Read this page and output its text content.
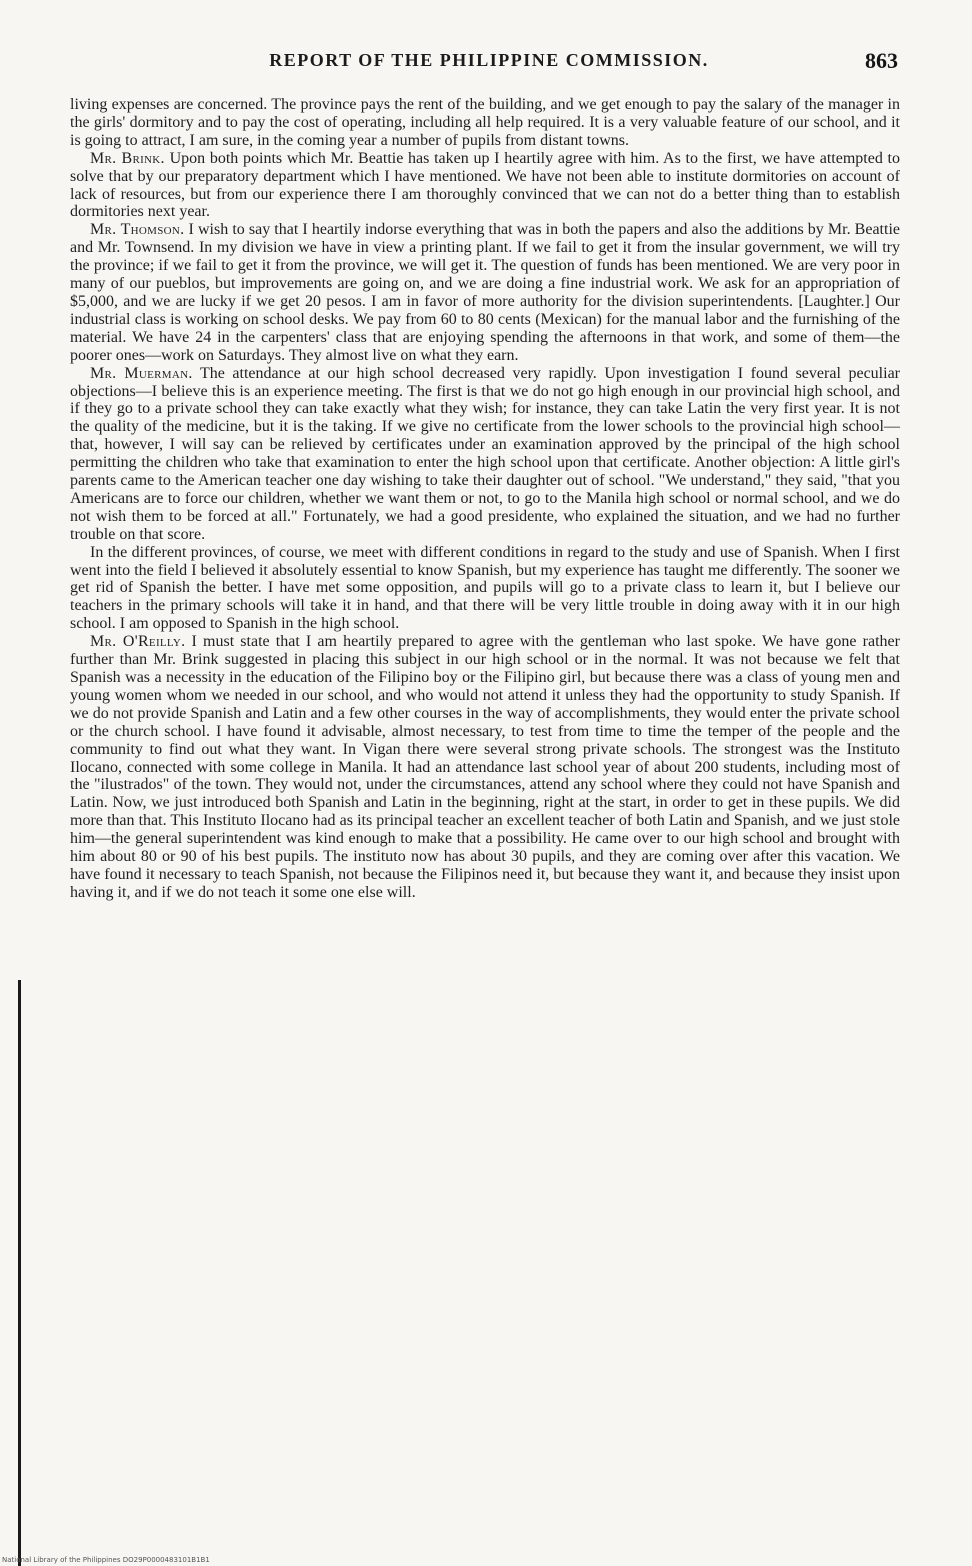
REPORT OF THE PHILIPPINE COMMISSION.	863

living expenses are concerned. The province pays the rent of the building, and we get enough to pay the salary of the manager in the girls' dormitory and to pay the cost of operating, including all help required. It is a very valuable feature of our school, and it is going to attract, I am sure, in the coming year a number of pupils from distant towns.

Mr. Brink. Upon both points which Mr. Beattie has taken up I heartily agree with him. As to the first, we have attempted to solve that by our preparatory department which I have mentioned. We have not been able to institute dormitories on account of lack of resources, but from our experience there I am thoroughly convinced that we can not do a better thing than to establish dormitories next year.

Mr. Thomson. I wish to say that I heartily indorse everything that was in both the papers and also the additions by Mr. Beattie and Mr. Townsend. In my division we have in view a printing plant. If we fail to get it from the insular government, we will try the province; if we fail to get it from the province, we will get it. The question of funds has been mentioned. We are very poor in many of our pueblos, but improvements are going on, and we are doing a fine industrial work. We ask for an appropriation of $5,000, and we are lucky if we get 20 pesos. I am in favor of more authority for the division superintendents. [Laughter.] Our industrial class is working on school desks. We pay from 60 to 80 cents (Mexican) for the manual labor and the furnishing of the material. We have 24 in the carpenters' class that are enjoying spending the afternoons in that work, and some of them—the poorer ones—work on Saturdays. They almost live on what they earn.

Mr. Muerman. The attendance at our high school decreased very rapidly. Upon investigation I found several peculiar objections—I believe this is an experience meeting. The first is that we do not go high enough in our provincial high school, and if they go to a private school they can take exactly what they wish; for instance, they can take Latin the very first year. It is not the quality of the medicine, but it is the taking. If we give no certificate from the lower schools to the provincial high school—that, however, I will say can be relieved by certificates under an examination approved by the principal of the high school permitting the children who take that examination to enter the high school upon that certificate. Another objection: A little girl's parents came to the American teacher one day wishing to take their daughter out of school. "We understand," they said, "that you Americans are to force our children, whether we want them or not, to go to the Manila high school or normal school, and we do not wish them to be forced at all." Fortunately, we had a good presidente, who explained the situation, and we had no further trouble on that score.

In the different provinces, of course, we meet with different conditions in regard to the study and use of Spanish. When I first went into the field I believed it absolutely essential to know Spanish, but my experience has taught me differently. The sooner we get rid of Spanish the better. I have met some opposition, and pupils will go to a private class to learn it, but I believe our teachers in the primary schools will take it in hand, and that there will be very little trouble in doing away with it in our high school. I am opposed to Spanish in the high school.

Mr. O'Reilly. I must state that I am heartily prepared to agree with the gentleman who last spoke. We have gone rather further than Mr. Brink suggested in placing this subject in our high school or in the normal. It was not because we felt that Spanish was a necessity in the education of the Filipino boy or the Filipino girl, but because there was a class of young men and young women whom we needed in our school, and who would not attend it unless they had the opportunity to study Spanish. If we do not provide Spanish and Latin and a few other courses in the way of accomplishments, they would enter the private school or the church school. I have found it advisable, almost necessary, to test from time to time the temper of the people and the community to find out what they want. In Vigan there were several strong private schools. The strongest was the Instituto Ilocano, connected with some college in Manila. It had an attendance last school year of about 200 students, including most of the "ilustrados" of the town. They would not, under the circumstances, attend any school where they could not have Spanish and Latin. Now, we just introduced both Spanish and Latin in the beginning, right at the start, in order to get in these pupils. We did more than that. This Instituto Ilocano had as its principal teacher an excellent teacher of both Latin and Spanish, and we just stole him—the general superintendent was kind enough to make that a possibility. He came over to our high school and brought with him about 80 or 90 of his best pupils. The instituto now has about 30 pupils, and they are coming over after this vacation. We have found it necessary to teach Spanish, not because the Filipinos need it, but because they want it, and because they insist upon having it, and if we do not teach it some one else will.

National Library of the Philippines DO29P0000483101B1B1
